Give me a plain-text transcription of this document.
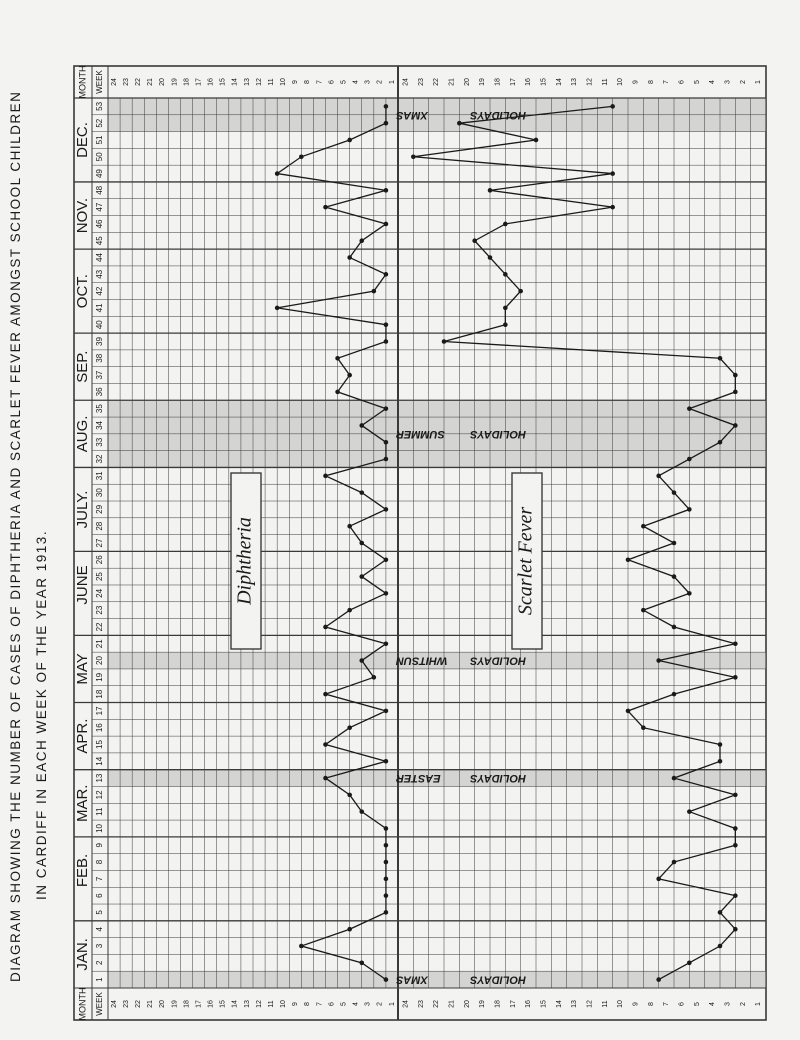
DIAGRAM SHOWING THE NUMBER OF CASES OF DIPHTHERIA AND SCARLET FEVER AMONGST SCHOOL CHILDREN IN CARDIFF IN EACH WEEK OF THE YEAR 1913.
JAN.
FEB.
MAR.
APR.
MAY
JUNE
JULY.
AUG.
SEP.
OCT.
NOV.
DEC.
1
2
3
4
5
6
7
8
9
10
11
12
13
14
15
16
17
18
19
20
21
22
23
24
25
26
27
28
29
30
31
32
33
34
35
36
37
38
39
40
41
42
43
44
45
46
47
48
49
50
51
52
53
MONTH WEEK
MONTH WEEK
24	24
24	24
23	23
23	23
22	22
22	22
21	21
21	21
20	20
20	20
19	19
19	19
18	18
18	18
17	17
17	17
16	16
16	16
15	15
15	15
14	14
14	14
13	13
13	13
12	12
12	12
11	11
11	11
10	10
10	10
9	9
9	9
8	8
8	8
7	7
7	7
6	6
6	6
5	5
5	5
4	4
4	4
3	3
3	3
2	2
2	2
1	1
1	1
XMAS	HOLIDAYS
EASTER	HOLIDAYS
WHITSUN HOLIDAYS
SUMMER HOLIDAYS
XMAS	HOLIDAYS
Diphtheria	Scarlet Fever
